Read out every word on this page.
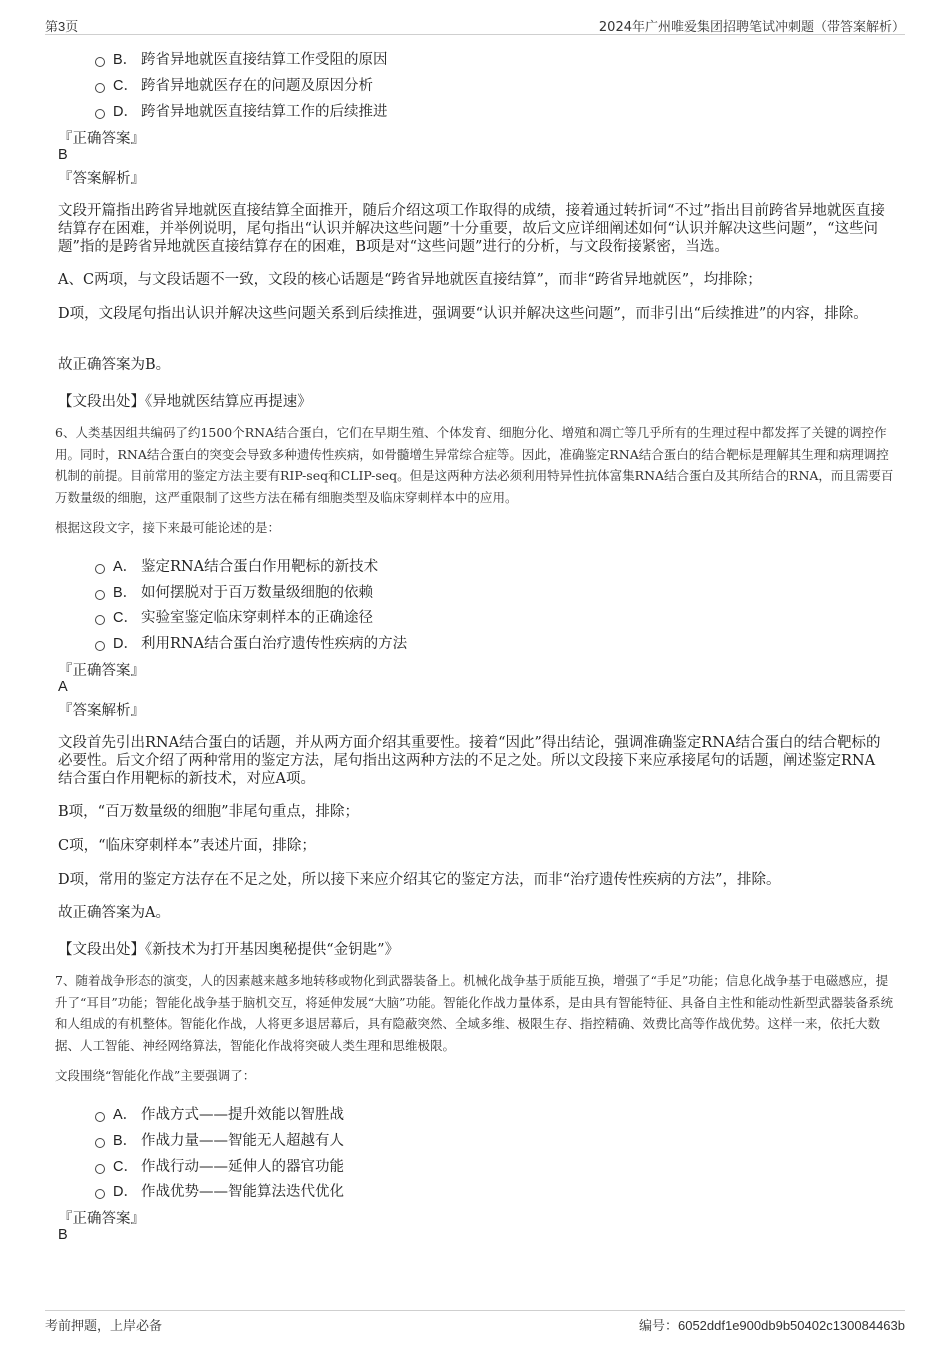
第3页	2024年广州唯爱集团招聘笔试冲刺题（带答案解析）
B． 跨省异地就医直接结算工作受阻的原因
C． 跨省异地就医存在的问题及原因分析
D． 跨省异地就医直接结算工作的后续推进
『正确答案』
B
『答案解析』
文段开篇指出跨省异地就医直接结算全面推开，随后介绍这项工作取得的成绩，接着通过转折词“不过”指出目前跨省异地就医直接结算存在困难，并举例说明，尾句指出“认识并解决这些问题”十分重要，故后文应详细阐述如何“认识并解决这些问题”，“这些问题”指的是跨省异地就医直接结算存在的困难，B项是对“这些问题”进行的分析，与文段衔接紧密，当选。
A、C两项，与文段话题不一致，文段的核心话题是“跨省异地就医直接结算”，而非“跨省异地就医”，均排除；
D项，文段尾句指出认识并解决这些问题关系到后续推进，强调要“认识并解决这些问题”，而非引出“后续推进”的内容，排除。
故正确答案为B。
【文段出处】《异地就医结算应再提速》
6、人类基因组共编码了约1500个RNA结合蛋白，它们在早期生殖、个体发育、细胞分化、增殖和凋亡等几乎所有的生理过程中都发挥了关键的调控作用。同时，RNA结合蛋白的突变会导致多种遗传性疾病，如骨髓增生异常综合症等。因此，准确鉴定RNA结合蛋白的结合靶标是理解其生理和病理调控机制的前提。目前常用的鉴定方法主要有RIP-seq和CLIP-seq。但是这两种方法必须利用特异性抗体富集RNA结合蛋白及其所结合的RNA，而且需要百万数量级的细胞，这严重限制了这些方法在稀有细胞类型及临床穿刺样本中的应用。
根据这段文字，接下来最可能论述的是：
A． 鉴定RNA结合蛋白作用靶标的新技术
B． 如何摆脱对于百万数量级细胞的依赖
C． 实验室鉴定临床穿刺样本的正确途径
D． 利用RNA结合蛋白治疗遗传性疾病的方法
『正确答案』
A
『答案解析』
文段首先引出RNA结合蛋白的话题，并从两方面介绍其重要性。接着“因此”得出结论，强调准确鉴定RNA结合蛋白的结合靶标的必要性。后文介绍了两种常用的鉴定方法，尾句指出这两种方法的不足之处。所以文段接下来应承接尾句的话题，阐述鉴定RNA结合蛋白作用靶标的新技术，对应A项。
B项，“百万数量级的细胞”非尾句重点，排除；
C项，“临床穿刺样本”表述片面，排除；
D项，常用的鉴定方法存在不足之处，所以接下来应介绍其它的鉴定方法，而非“治疗遗传性疾病的方法”，排除。
故正确答案为A。
【文段出处】《新技术为打开基因奥秘提供“金钥匙”》
7、随着战争形态的演变，人的因素越来越多地转移或物化到武器装备上。机械化战争基于质能互换，增强了“手足”功能；信息化战争基于电磁感应，提升了“耳目”功能；智能化战争基于脑机交互，将延伸发展“大脑”功能。智能化作战力量体系，是由具有智能特征、具备自主性和能动性新型武器装备系统和人组成的有机整体。智能化作战，人将更多退居幕后，具有隐蔽突然、全域多维、极限生存、指控精确、效费比高等作战优势。这样一来，依托大数据、人工智能、神经网络算法，智能化作战将突破人类生理和思维极限。
文段围绕“智能化作战”主要强调了：
A． 作战方式——提升效能以智胜战
B． 作战力量——智能无人超越有人
C． 作战行动——延伸人的器官功能
D． 作战优势——智能算法迭代优化
『正确答案』
B
考前押题，上岸必备	编号：6052ddf1e900db9b50402c130084463b
